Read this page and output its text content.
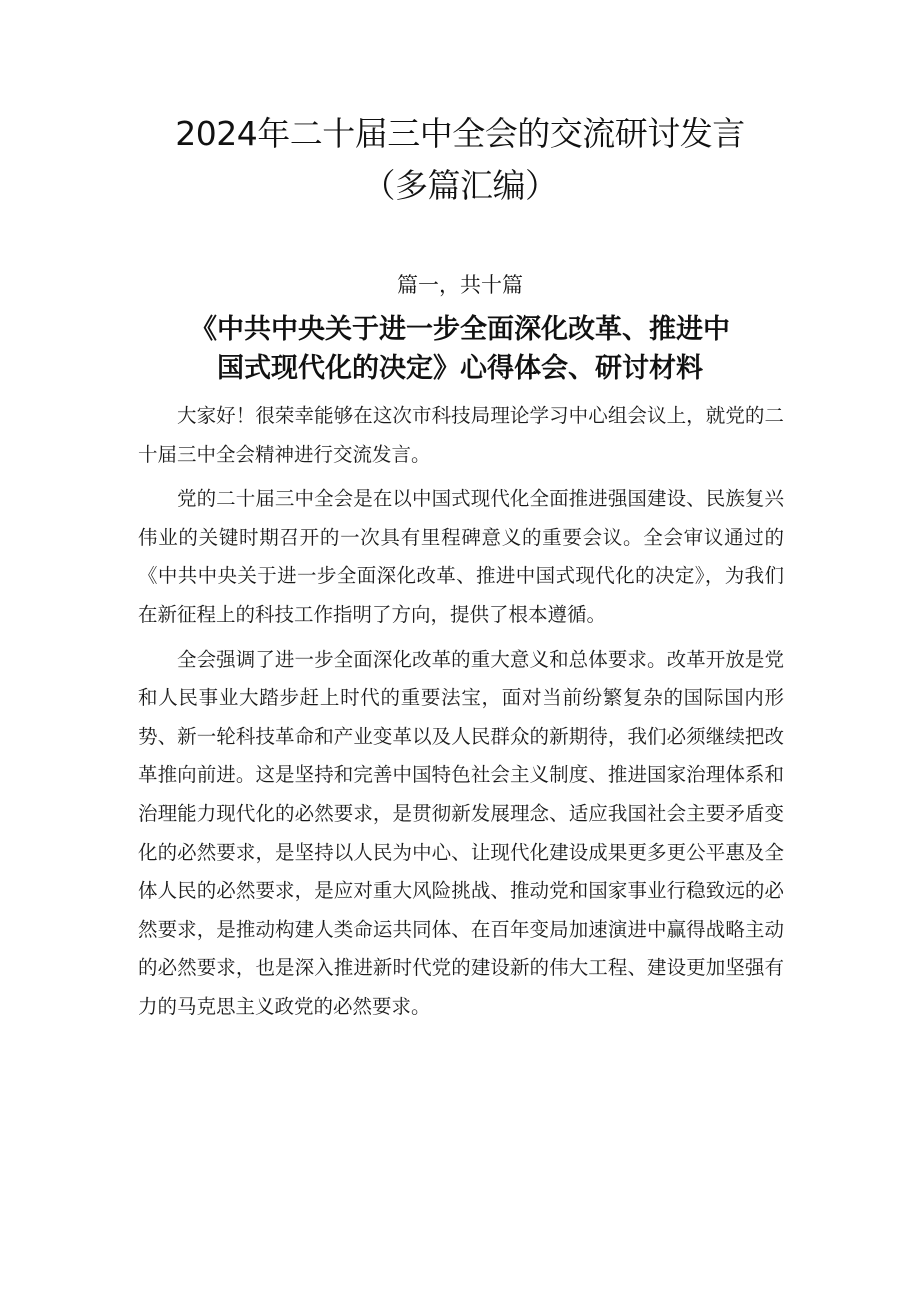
2024年二十届三中全会的交流研讨发言
（多篇汇编）
篇一，共十篇
《中共中央关于进一步全面深化改革、推进中
国式现代化的决定》心得体会、研讨材料

大家好！很荣幸能够在这次市科技局理论学习中心组会议上，就党的二十届三中全会精神进行交流发言。

党的二十届三中全会是在以中国式现代化全面推进强国建设、民族复兴伟业的关键时期召开的一次具有里程碑意义的重要会议。全会审议通过的《中共中央关于进一步全面深化改革、推进中国式现代化的决定》，为我们在新征程上的科技工作指明了方向，提供了根本遵循。

全会强调了进一步全面深化改革的重大意义和总体要求。改革开放是党和人民事业大踏步赶上时代的重要法宝，面对当前纷繁复杂的国际国内形势、新一轮科技革命和产业变革以及人民群众的新期待，我们必须继续把改革推向前进。这是坚持和完善中国特色社会主义制度、推进国家治理体系和治理能力现代化的必然要求，是贯彻新发展理念、适应我国社会主要矛盾变化的必然要求，是坚持以人民为中心、让现代化建设成果更多更公平惠及全体人民的必然要求，是应对重大风险挑战、推动党和国家事业行稳致远的必然要求，是推动构建人类命运共同体、在百年变局加速演进中赢得战略主动的必然要求，也是深入推进新时代党的建设新的伟大工程、建设更加坚强有力的马克思主义政党的必然要求。
